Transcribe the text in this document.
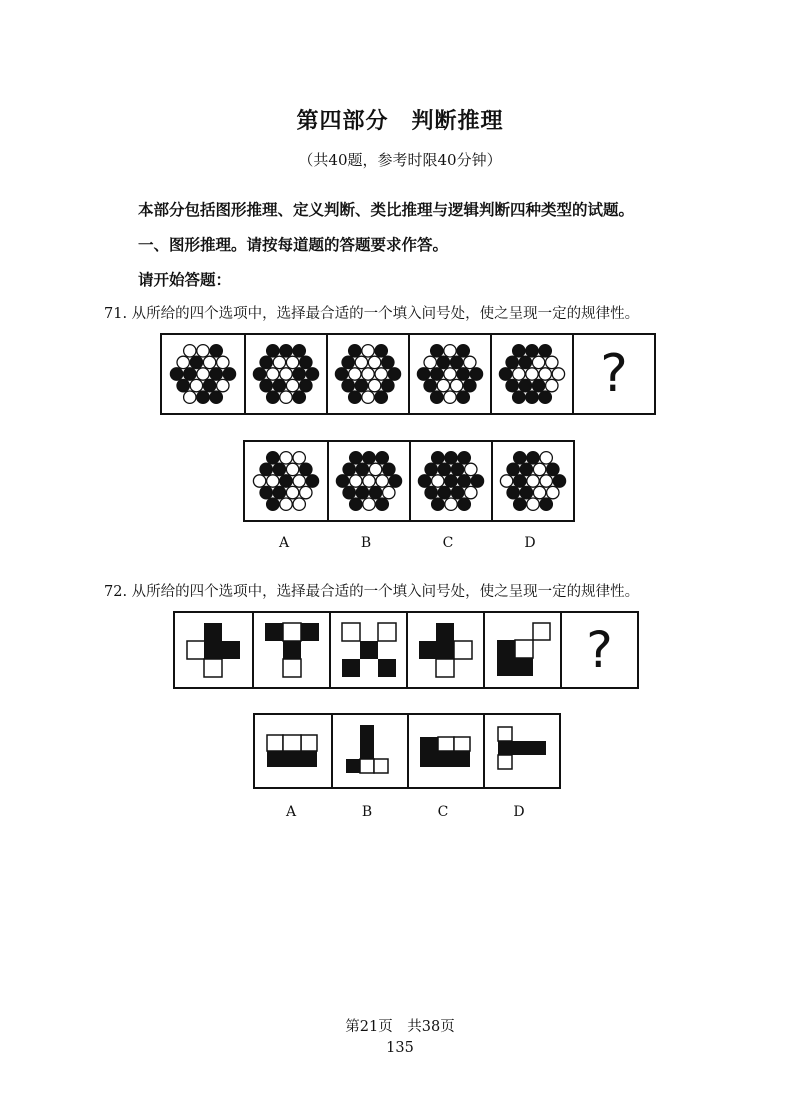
第四部分　判断推理
（共40题，参考时限40分钟）
本部分包括图形推理、定义判断、类比推理与逻辑判断四种类型的试题。
一、图形推理。请按每道题的答题要求作答。
请开始答题：
71. 从所给的四个选项中，选择最合适的一个填入问号处，使之呈现一定的规律性。
?
A	B	C	D
72. 从所给的四个选项中，选择最合适的一个填入问号处，使之呈现一定的规律性。
?
A	B	C	D
第21页　共38页
135
